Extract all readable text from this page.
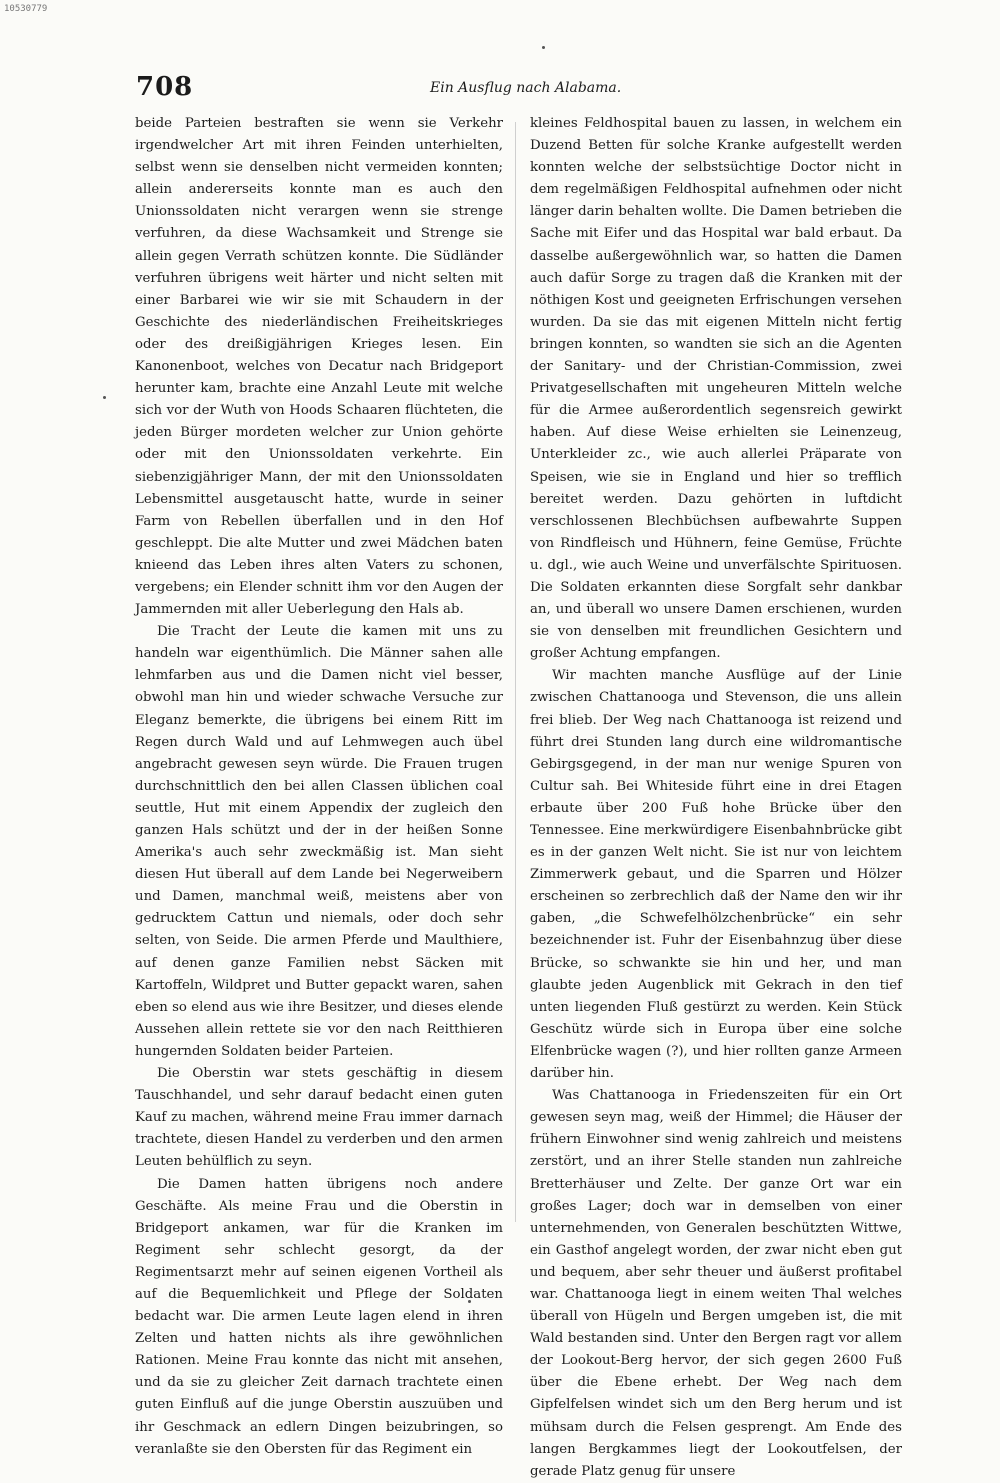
10530779
708	Ein Ausflug nach Alabama.

beide Parteien bestraften sie wenn sie Verkehr irgendwelcher Art mit ihren Feinden unterhielten, selbst wenn sie denselben nicht vermeiden konnten; allein andererseits konnte man es auch den Unionssoldaten nicht verargen wenn sie strenge verfuhren, da diese Wachsamkeit und Strenge sie allein gegen Verrath schützen konnte. Die Südländer verfuhren übrigens weit härter und nicht selten mit einer Barbarei wie wir sie mit Schaudern in der Geschichte des niederländischen Freiheitskrieges oder des dreißigjährigen Krieges lesen. Ein Kanonenboot, welches von Decatur nach Bridgeport herunter kam, brachte eine Anzahl Leute mit welche sich vor der Wuth von Hoods Schaaren flüchteten, die jeden Bürger mordeten welcher zur Union gehörte oder mit den Unionssoldaten verkehrte. Ein siebenzigjähriger Mann, der mit den Unionssoldaten Lebensmittel ausgetauscht hatte, wurde in seiner Farm von Rebellen überfallen und in den Hof geschleppt. Die alte Mutter und zwei Mädchen baten knieend das Leben ihres alten Vaters zu schonen, vergebens; ein Elender schnitt ihm vor den Augen der Jammernden mit aller Ueberlegung den Hals ab.

Die Tracht der Leute die kamen mit uns zu handeln war eigenthümlich. Die Männer sahen alle lehmfarben aus und die Damen nicht viel besser, obwohl man hin und wieder schwache Versuche zur Eleganz bemerkte, die übrigens bei einem Ritt im Regen durch Wald und auf Lehmwegen auch übel angebracht gewesen seyn würde. Die Frauen trugen durchschnittlich den bei allen Classen üblichen coal seuttle, Hut mit einem Appendix der zugleich den ganzen Hals schützt und der in der heißen Sonne Amerika's auch sehr zweckmäßig ist. Man sieht diesen Hut überall auf dem Lande bei Negerweibern und Damen, manchmal weiß, meistens aber von gedrucktem Cattun und niemals, oder doch sehr selten, von Seide. Die armen Pferde und Maulthiere, auf denen ganze Familien nebst Säcken mit Kartoffeln, Wildpret und Butter gepackt waren, sahen eben so elend aus wie ihre Besitzer, und dieses elende Aussehen allein rettete sie vor den nach Reitthieren hungernden Soldaten beider Parteien.

Die Oberstin war stets geschäftig in diesem Tauschhandel, und sehr darauf bedacht einen guten Kauf zu machen, während meine Frau immer darnach trachtete, diesen Handel zu verderben und den armen Leuten behülflich zu seyn.

Die Damen hatten übrigens noch andere Geschäfte. Als meine Frau und die Oberstin in Bridgeport ankamen, war für die Kranken im Regiment sehr schlecht gesorgt, da der Regimentsarzt mehr auf seinen eigenen Vortheil als auf die Bequemlichkeit und Pflege der Soldaten bedacht war. Die armen Leute lagen elend in ihren Zelten und hatten nichts als ihre gewöhnlichen Rationen. Meine Frau konnte das nicht mit ansehen, und da sie zu gleicher Zeit darnach trachtete einen guten Einfluß auf die junge Oberstin auszuüben und ihr Geschmack an edlern Dingen beizubringen, so veranlaßte sie den Obersten für das Regiment ein

kleines Feldhospital bauen zu lassen, in welchem ein Duzend Betten für solche Kranke aufgestellt werden konnten welche der selbstsüchtige Doctor nicht in dem regelmäßigen Feldhospital aufnehmen oder nicht länger darin behalten wollte. Die Damen betrieben die Sache mit Eifer und das Hospital war bald erbaut. Da dasselbe außergewöhnlich war, so hatten die Damen auch dafür Sorge zu tragen daß die Kranken mit der nöthigen Kost und geeigneten Erfrischungen versehen wurden. Da sie das mit eigenen Mitteln nicht fertig bringen konnten, so wandten sie sich an die Agenten der Sanitary- und der Christian-Commission, zwei Privatgesellschaften mit ungeheuren Mitteln welche für die Armee außerordentlich segensreich gewirkt haben. Auf diese Weise erhielten sie Leinenzeug, Unterkleider zc., wie auch allerlei Präparate von Speisen, wie sie in England und hier so trefflich bereitet werden. Dazu gehörten in luftdicht verschlossenen Blechbüchsen aufbewahrte Suppen von Rindfleisch und Hühnern, feine Gemüse, Früchte u. dgl., wie auch Weine und unverfälschte Spirituosen. Die Soldaten erkannten diese Sorgfalt sehr dankbar an, und überall wo unsere Damen erschienen, wurden sie von denselben mit freundlichen Gesichtern und großer Achtung empfangen.

Wir machten manche Ausflüge auf der Linie zwischen Chattanooga und Stevenson, die uns allein frei blieb. Der Weg nach Chattanooga ist reizend und führt drei Stunden lang durch eine wildromantische Gebirgsgegend, in der man nur wenige Spuren von Cultur sah. Bei Whiteside führt eine in drei Etagen erbaute über 200 Fuß hohe Brücke über den Tennessee. Eine merkwürdigere Eisenbahnbrücke gibt es in der ganzen Welt nicht. Sie ist nur von leichtem Zimmerwerk gebaut, und die Sparren und Hölzer erscheinen so zerbrechlich daß der Name den wir ihr gaben, „die Schwefelhölzchenbrücke“ ein sehr bezeichnender ist. Fuhr der Eisenbahnzug über diese Brücke, so schwankte sie hin und her, und man glaubte jeden Augenblick mit Gekrach in den tief unten liegenden Fluß gestürzt zu werden. Kein Stück Geschütz würde sich in Europa über eine solche Elfenbrücke wagen (?), und hier rollten ganze Armeen darüber hin.

Was Chattanooga in Friedenszeiten für ein Ort gewesen seyn mag, weiß der Himmel; die Häuser der frühern Einwohner sind wenig zahlreich und meistens zerstört, und an ihrer Stelle standen nun zahlreiche Bretterhäuser und Zelte. Der ganze Ort war ein großes Lager; doch war in demselben von einer unternehmenden, von Generalen beschützten Wittwe, ein Gasthof angelegt worden, der zwar nicht eben gut und bequem, aber sehr theuer und äußerst profitabel war. Chattanooga liegt in einem weiten Thal welches überall von Hügeln und Bergen umgeben ist, die mit Wald bestanden sind. Unter den Bergen ragt vor allem der Lookout-Berg hervor, der sich gegen 2600 Fuß über die Ebene erhebt. Der Weg nach dem Gipfelfelsen windet sich um den Berg herum und ist mühsam durch die Felsen gesprengt. Am Ende des langen Bergkammes liegt der Lookoutfelsen, der gerade Platz genug für unsere
